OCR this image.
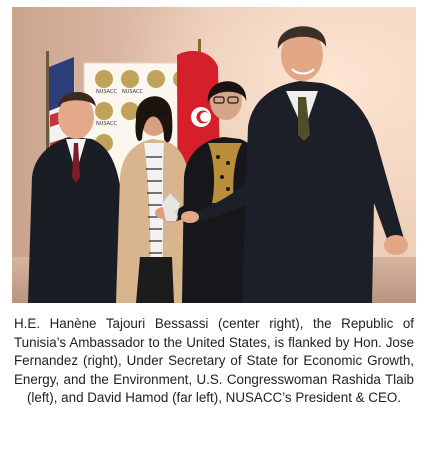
NUSACC NUSACC
NUSACC
H.E. Hanène Tajouri Bessassi (center right), the Republic of Tunisia’s Ambassador to the United States, is flanked by Hon. Jose Fernandez (right), Under Secretary of State for Economic Growth, Energy, and the Environment, U.S. Congresswoman Rashida Tlaib (left), and David Hamod (far left), NUSACC’s President & CEO.
